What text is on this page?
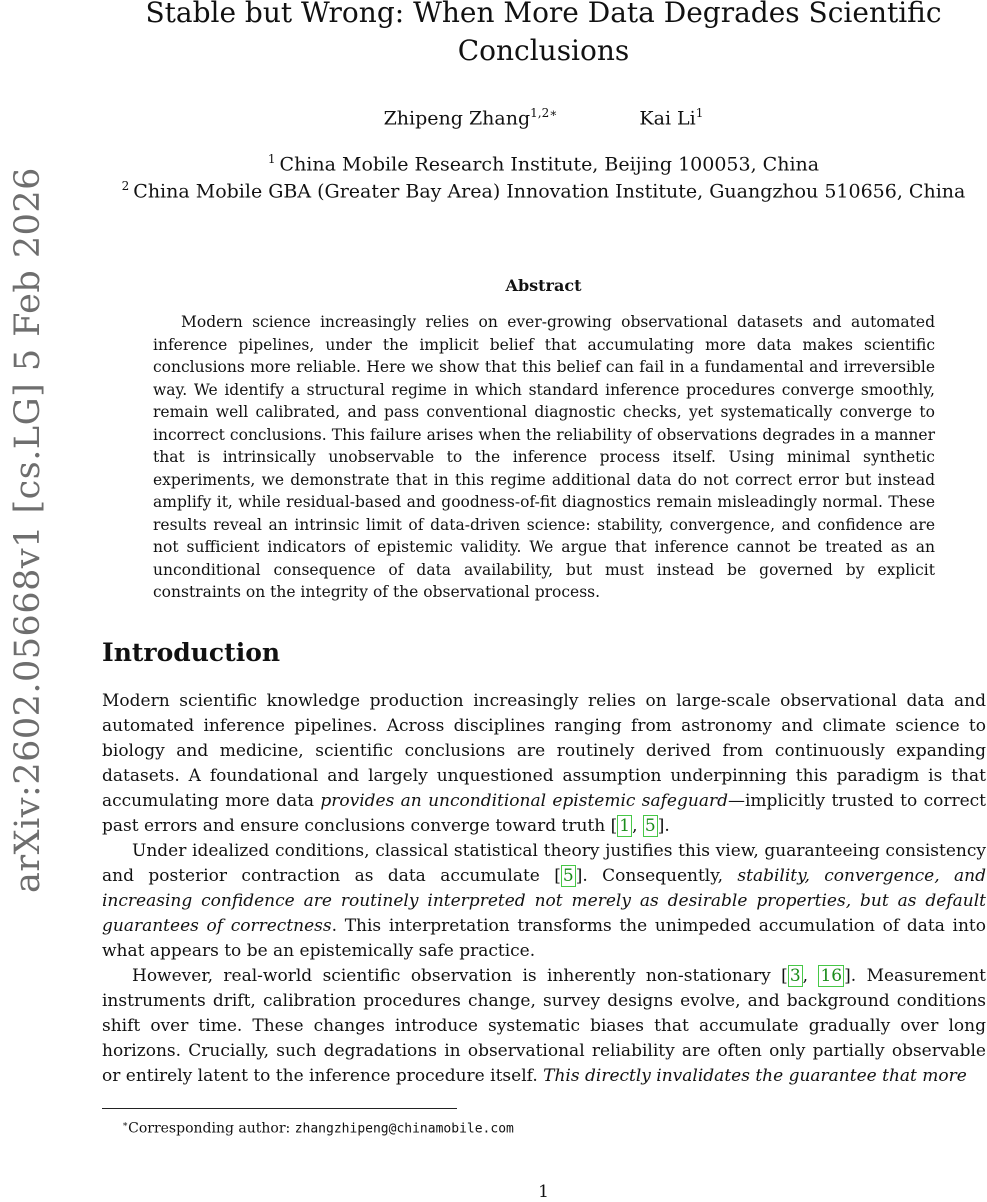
arXiv:2602.05668v1 [cs.LG] 5 Feb 2026
Stable but Wrong: When More Data Degrades Scientific
Conclusions
Zhipeng Zhang$^{1,2∗}$	Kai Li$^1$
$^1$ China Mobile Research Institute, Beijing 100053, China
$^2$ China Mobile GBA (Greater Bay Area) Innovation Institute, Guangzhou 510656, China
Abstract

Modern science increasingly relies on ever-growing observational datasets and automated inference pipelines, under the implicit belief that accumulating more data makes scientific conclusions more reliable. Here we show that this belief can fail in a fundamental and irreversible way. We identify a structural regime in which standard inference procedures converge smoothly, remain well calibrated, and pass conventional diagnostic checks, yet systematically converge to incorrect conclusions. This failure arises when the reliability of observations degrades in a manner that is intrinsically unobservable to the inference process itself. Using minimal synthetic experiments, we demonstrate that in this regime additional data do not correct error but instead amplify it, while residual-based and goodness-of-fit diagnostics remain misleadingly normal. These results reveal an intrinsic limit of data-driven science: stability, convergence, and confidence are not sufficient indicators of epistemic validity. We argue that inference cannot be treated as an unconditional consequence of data availability, but must instead be governed by explicit constraints on the integrity of the observational process.

Introduction

Modern scientific knowledge production increasingly relies on large-scale observational data and automated inference pipelines. Across disciplines ranging from astronomy and climate science to biology and medicine, scientific conclusions are routinely derived from continuously expanding datasets. A foundational and largely unquestioned assumption underpinning this paradigm is that accumulating more data provides an unconditional epistemic safeguard—implicitly trusted to correct past errors and ensure conclusions converge toward truth [ 1 , 5 ].

Under idealized conditions, classical statistical theory justifies this view, guaranteeing consistency and posterior contraction as data accumulate [ 5 ]. Consequently, stability, convergence, and increasing confidence are routinely interpreted not merely as desirable properties, but as default guarantees of correctness. This interpretation transforms the unimpeded accumulation of data into what appears to be an epistemically safe practice.

However, real-world scientific observation is inherently non-stationary [ 3 , 16 ]. Measurement instruments drift, calibration procedures change, survey designs evolve, and background conditions shift over time. These changes introduce systematic biases that accumulate gradually over long horizons. Crucially, such degradations in observational reliability are often only partially observable or entirely latent to the inference procedure itself. This directly invalidates the guarantee that more

∗Corresponding author: zhangzhipeng@chinamobile.com
1
